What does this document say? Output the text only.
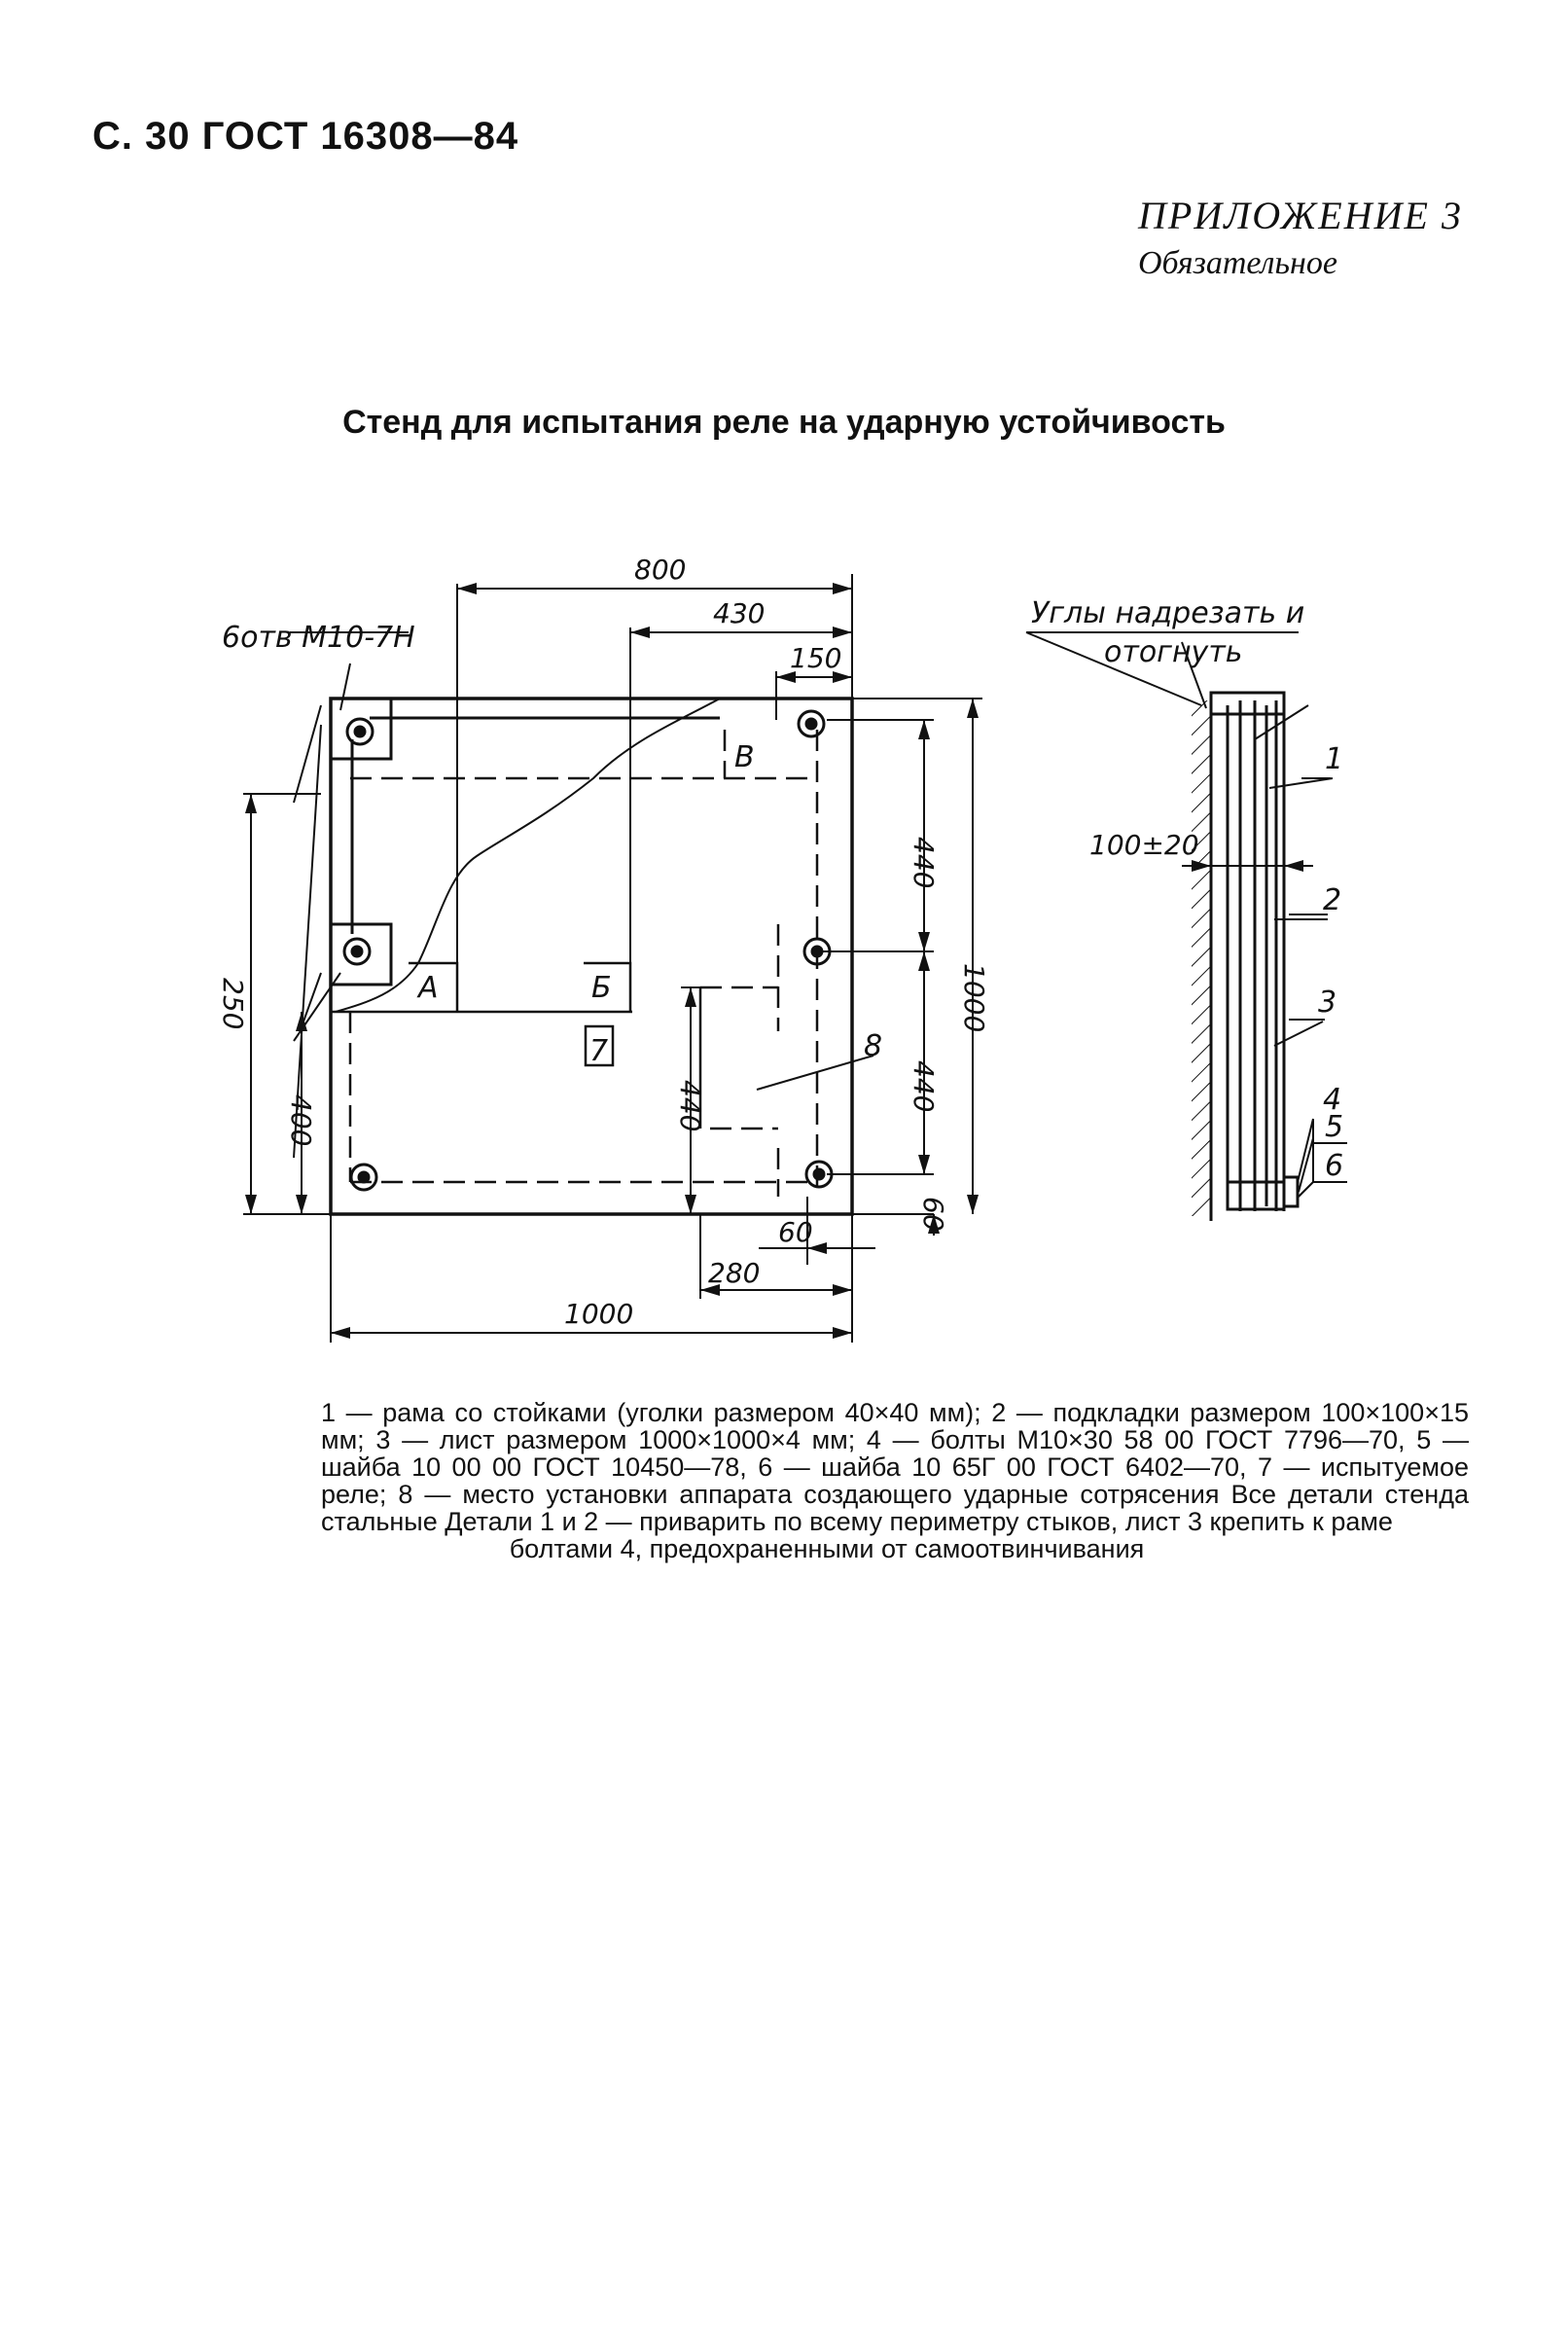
С. 30 ГОСТ 16308—84
ПРИЛОЖЕНИЕ 3
Обязательное
Стенд для испытания реле на ударную устойчивость
800
430
150
1000
440
440
60
440
250
400
60
280
1000
100±20
6отв М10-7Н
А	Б
В
7	8
Углы надрезать и
отогнуть
1
2
3
4
5
6

1 — рама со стойками (уголки размером 40×40 мм); 2 — подкладки размером 100×100×15 мм; 3 — лист размером 1000×1000×4 мм; 4 — болты М10×30 58 00 ГОСТ 7796—70, 5 — шайба 10 00 00 ГОСТ 10450—78, 6 — шайба 10 65Г 00 ГОСТ 6402—70, 7 — испытуемое реле; 8 — место установки аппарата создающего ударные сотрясения Все детали стенда стальные Детали 1 и 2 — приварить по всему периметру стыков, лист 3 крепить к раме

болтами 4, предохраненными от самоотвинчивания
